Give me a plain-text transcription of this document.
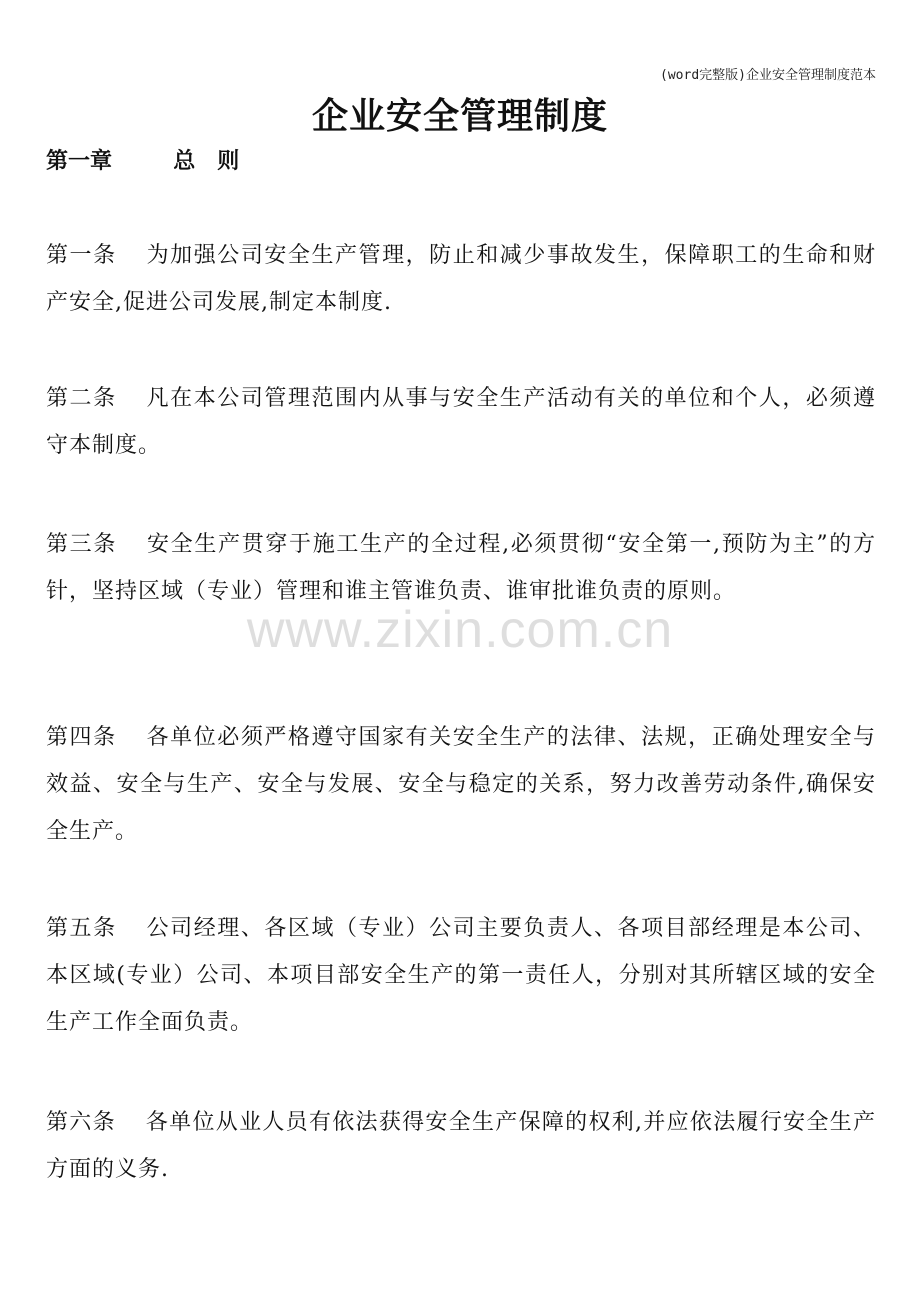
(word完整版)企业安全管理制度范本
企业安全管理制度
第一章	总　则

第一条 为加强公司安全生产管理，防止和减少事故发生，保障职工的生命和财产安全,促进公司发展,制定本制度.

第二条 凡在本公司管理范围内从事与安全生产活动有关的单位和个人，必须遵守本制度。

第三条 安全生产贯穿于施工生产的全过程,必须贯彻“安全第一,预防为主”的方针，坚持区域（专业）管理和谁主管谁负责、谁审批谁负责的原则。

第四条 各单位必须严格遵守国家有关安全生产的法律、法规，正确处理安全与效益、安全与生产、安全与发展、安全与稳定的关系，努力改善劳动条件,确保安全生产。

第五条 公司经理、各区域（专业）公司主要负责人、各项目部经理是本公司、本区域(专业）公司、本项目部安全生产的第一责任人，分别对其所辖区域的安全生产工作全面负责。

第六条 各单位从业人员有依法获得安全生产保障的权利,并应依法履行安全生产方面的义务.

www.zixin.com.cn
